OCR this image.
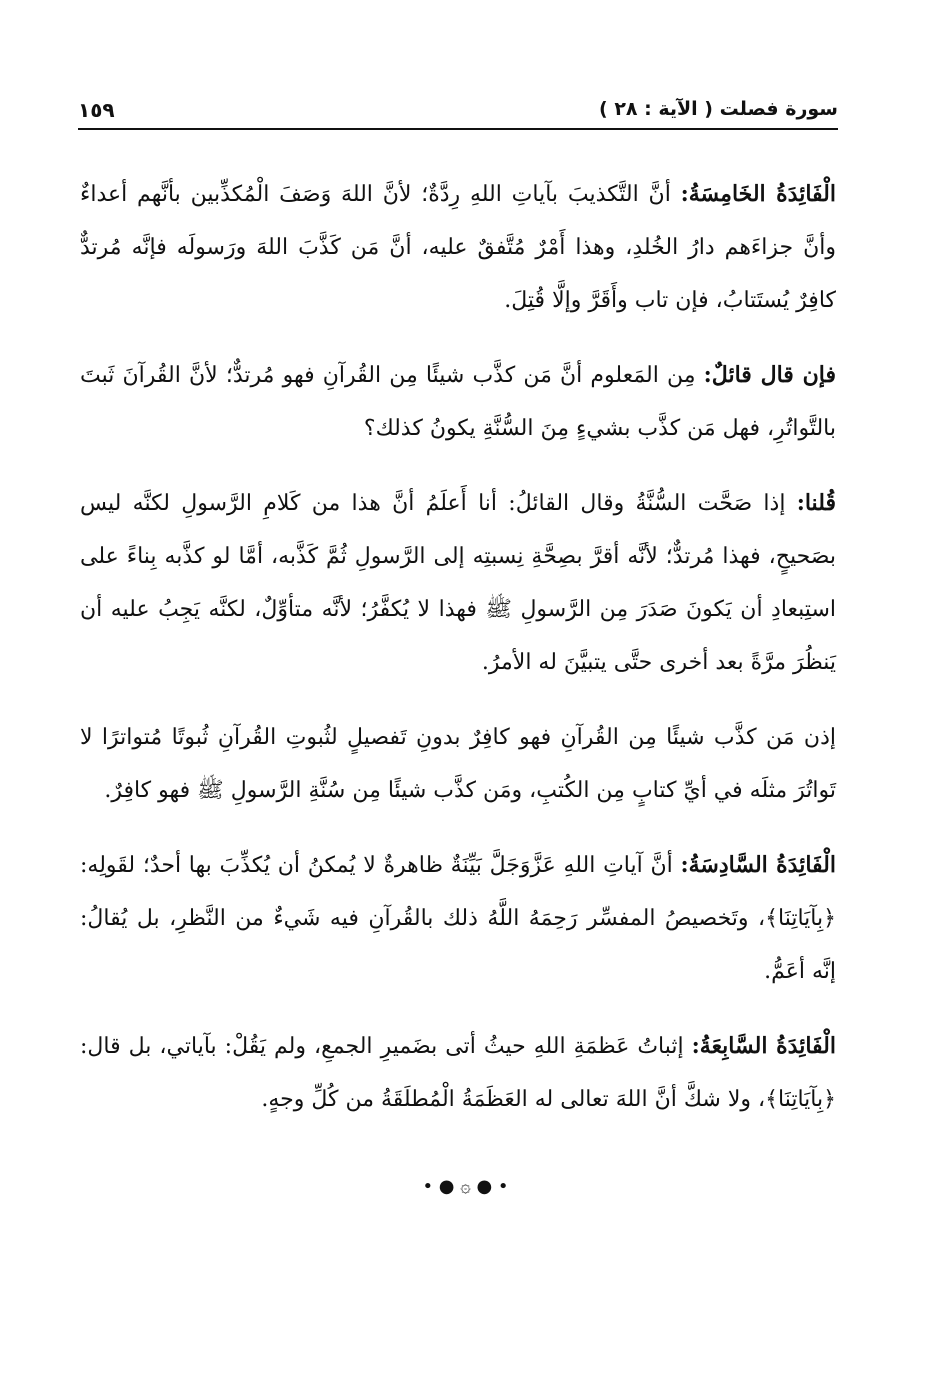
سورة فصلت ( الآية : ٢٨ )
١٥٩

الْفَائِدَةُ الخَامِسَةُ: أنَّ التَّكذيبَ بآياتِ اللهِ رِدَّةٌ؛ لأنَّ اللهَ وَصَفَ الْمُكذِّبين بأنَّهم أعداءٌ وأنَّ جزاءَهم دارُ الخُلدِ، وهذا أَمْرٌ مُتَّفقٌ عليه، أنَّ مَن كَذَّبَ اللهَ ورَسولَه فإنَّه مُرتدٌّ كافِرٌ يُستَتابُ، فإن تاب وأَقَرَّ وإلَّا قُتِلَ.

فإن قال قائلٌ: مِن المَعلوم أنَّ مَن كذَّب شيئًا مِن القُرآنِ فهو مُرتدٌّ؛ لأنَّ القُرآنَ ثَبتَ بالتَّواتُرِ، فهل مَن كذَّب بشيءٍ مِنَ السُّنَّةِ يكونُ كذلك؟

قُلنا: إذا صَحَّت السُّنَّةُ وقال القائلُ: أنا أَعلَمُ أنَّ هذا من كَلامِ الرَّسولِ لكنَّه ليس بصَحيحٍ، فهذا مُرتدٌّ؛ لأنَّه أقرَّ بصِحَّةِ نِسبتِه إلى الرَّسولِ ثُمَّ كَذَّبه، أمَّا لو كذَّبه بِناءً على استِبعادِ أن يَكونَ صَدَرَ مِن الرَّسولِ ﷺ فهذا لا يُكفَّرُ؛ لأنَّه متأوِّلٌ، لكنَّه يَجِبُ عليه أن يَنظُرَ مرَّةً بعد أخرى حتَّى يتبيَّنَ له الأمرُ.

إذن مَن كذَّب شيئًا مِن القُرآنِ فهو كافِرٌ بدونِ تَفصيلٍ لثُبوتِ القُرآنِ ثُبوتًا مُتواترًا لا تَواتُرَ مثلَه في أيِّ كتابٍ مِن الكُتبِ، ومَن كذَّب شيئًا مِن سُنَّةِ الرَّسولِ ﷺ فهو كافِرٌ.

الْفَائِدَةُ السَّادِسَةُ: أنَّ آياتِ اللهِ عَزَّوَجَلَّ بَيِّنَةٌ ظاهرةٌ لا يُمكنُ أن يُكذِّبَ بها أحدٌ؛ لقَولِه: ﴿بِآيَاتِنَا﴾، وتَخصيصُ المفسِّر رَحِمَهُ اللَّهُ ذلك بالقُرآنِ فيه شَيءٌ من النَّظرِ، بل يُقالُ: إنَّه أعَمُّ.

الْفَائِدَةُ السَّابِعَةُ: إثباتُ عَظمَةِ اللهِ حيثُ أتى بضَميرِ الجمعِ، ولم يَقُلْ: بآياتي، بل قال: ﴿بِآيَاتِنَا﴾، ولا شكَّ أنَّ اللهَ تعالى له العَظَمَةُ الْمُطلَقَةُ من كُلِّ وجهٍ.

• ● ۞ ● •
